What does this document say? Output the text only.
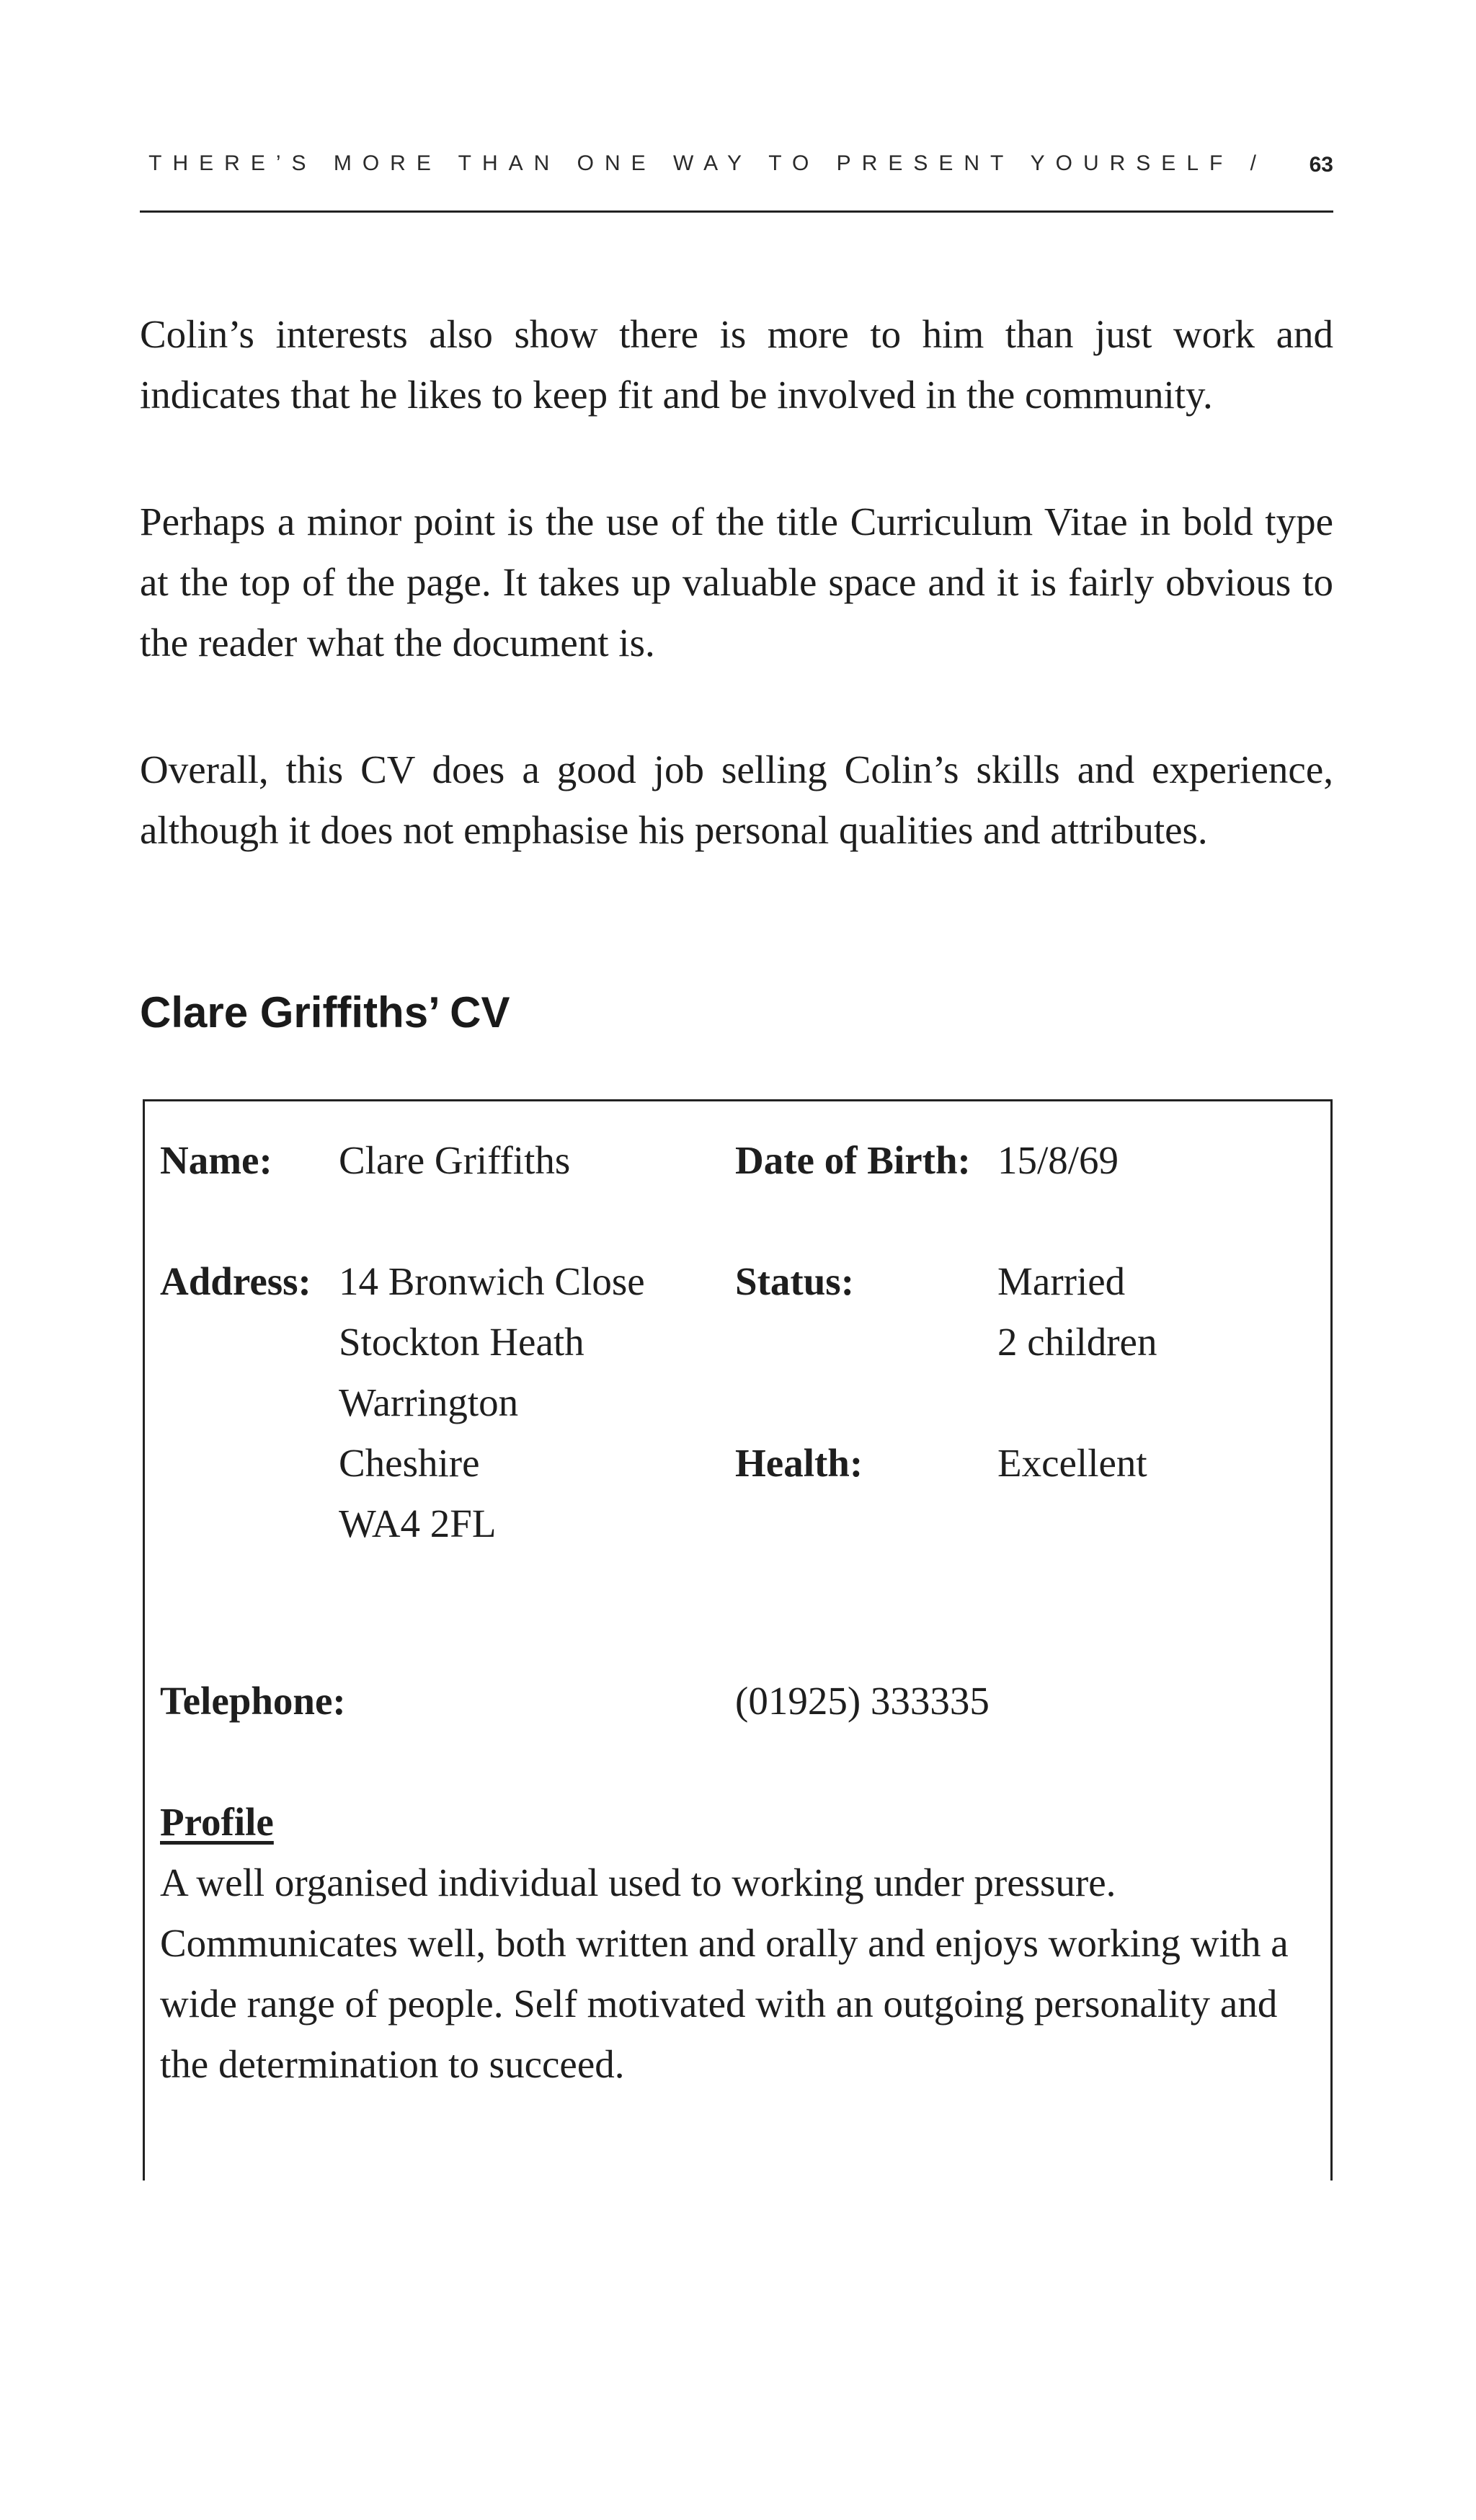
THERE’S MORE THAN ONE WAY TO PRESENT YOURSELF / 63

Colin’s interests also show there is more to him than just work and indicates that he likes to keep fit and be involved in the community.

Perhaps a minor point is the use of the title Curriculum Vitae in bold type at the top of the page. It takes up valuable space and it is fairly obvious to the reader what the document is.

Overall, this CV does a good job selling Colin’s skills and experience, although it does not emphasise his personal qualities and attributes.

Clare Griffiths’ CV
Name: Clare Griffiths	Date of Birth: 15/8/69
Address: 14 Bronwich Close
Stockton Heath
Warrington
Cheshire
WA4 2FL
Status:	Married
2 children
Health:	Excellent
Telephone:	(01925) 333335
Profile

A well organised individual used to working under pressure. Communicates well, both written and orally and enjoys working with a wide range of people. Self motivated with an outgoing personality and the determination to succeed.
